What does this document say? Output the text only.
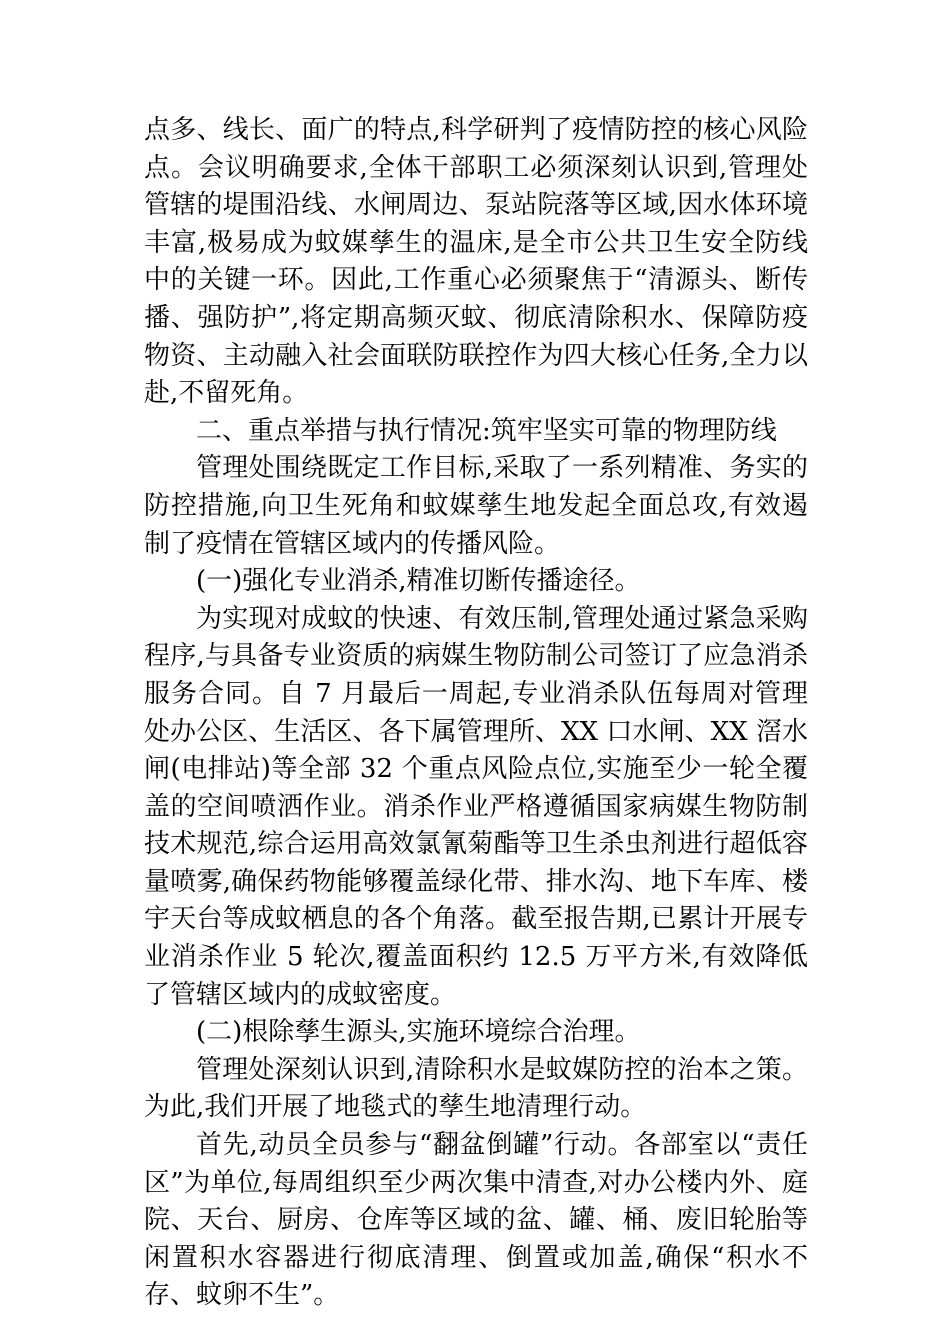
点多、线长、面广的特点,科学研判了疫情防控的核心风险点。会议明确要求,全体干部职工必须深刻认识到,管理处管辖的堤围沿线、水闸周边、泵站院落等区域,因水体环境丰富,极易成为蚊媒孳生的温床,是全市公共卫生安全防线中的关键一环。因此,工作重心必须聚焦于“清源头、断传播、强防护”,将定期高频灭蚊、彻底清除积水、保障防疫物资、主动融入社会面联防联控作为四大核心任务,全力以赴,不留死角。

二、重点举措与执行情况:筑牢坚实可靠的物理防线

管理处围绕既定工作目标,采取了一系列精准、务实的防控措施,向卫生死角和蚊媒孳生地发起全面总攻,有效遏制了疫情在管辖区域内的传播风险。

(一)强化专业消杀,精准切断传播途径。

为实现对成蚊的快速、有效压制,管理处通过紧急采购程序,与具备专业资质的病媒生物防制公司签订了应急消杀服务合同。自 7 月最后一周起,专业消杀队伍每周对管理处办公区、生活区、各下属管理所、XX 口水闸、XX 滘水闸(电排站)等全部 32 个重点风险点位,实施至少一轮全覆盖的空间喷洒作业。消杀作业严格遵循国家病媒生物防制技术规范,综合运用高效氯氰菊酯等卫生杀虫剂进行超低容量喷雾,确保药物能够覆盖绿化带、排水沟、地下车库、楼宇天台等成蚊栖息的各个角落。截至报告期,已累计开展专业消杀作业 5 轮次,覆盖面积约 12.5 万平方米,有效降低了管辖区域内的成蚊密度。

(二)根除孳生源头,实施环境综合治理。

管理处深刻认识到,清除积水是蚊媒防控的治本之策。为此,我们开展了地毯式的孳生地清理行动。

首先,动员全员参与“翻盆倒罐”行动。各部室以“责任区”为单位,每周组织至少两次集中清查,对办公楼内外、庭院、天台、厨房、仓库等区域的盆、罐、桶、废旧轮胎等闲置积水容器进行彻底清理、倒置或加盖,确保“积水不存、蚊卵不生”。
